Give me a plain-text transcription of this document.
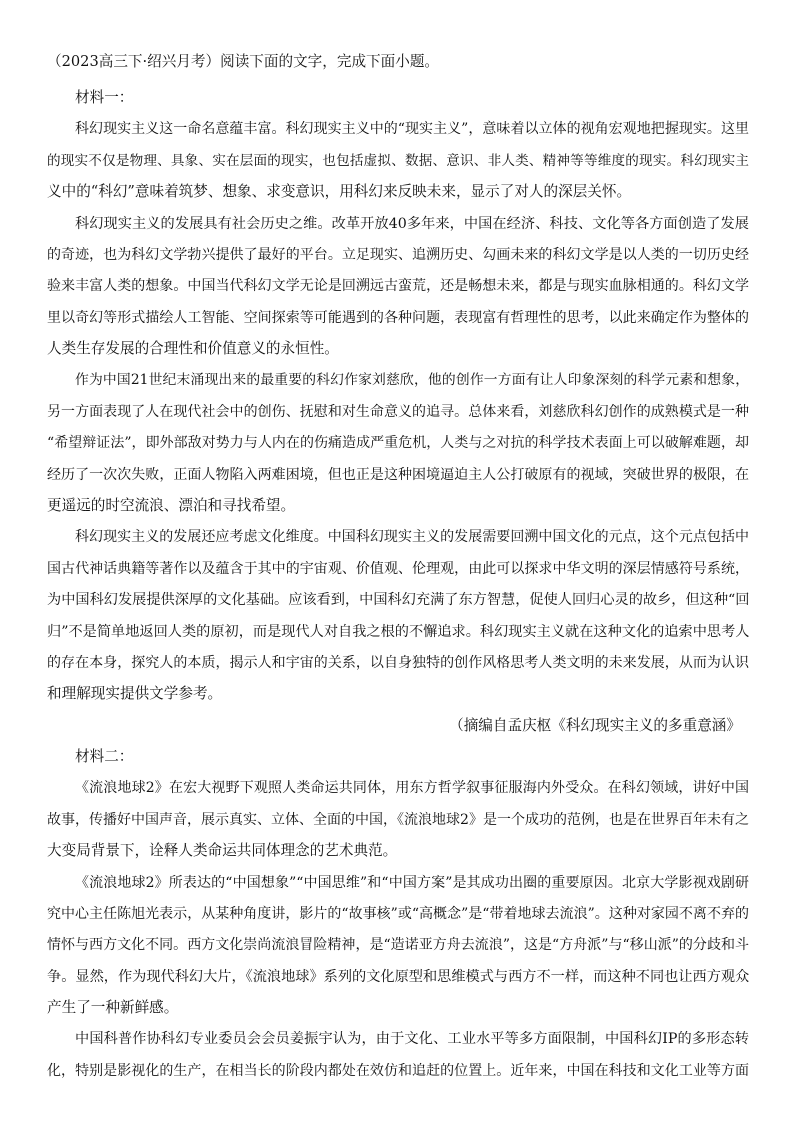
（2023高三下·绍兴月考）阅读下面的文字，完成下面小题。

材料一：

科幻现实主义这一命名意蕴丰富。科幻现实主义中的“现实主义”，意味着以立体的视角宏观地把握现实。这里

的现实不仅是物理、具象、实在层面的现实，也包括虚拟、数据、意识、非人类、精神等等维度的现实。科幻现实主

义中的“科幻”意味着筑梦、想象、求变意识，用科幻来反映未来，显示了对人的深层关怀。

科幻现实主义的发展具有社会历史之维。改革开放40多年来，中国在经济、科技、文化等各方面创造了发展

的奇迹，也为科幻文学勃兴提供了最好的平台。立足现实、追溯历史、勾画未来的科幻文学是以人类的一切历史经

验来丰富人类的想象。中国当代科幻文学无论是回溯远古蛮荒，还是畅想未来，都是与现实血脉相通的。科幻文学

里以奇幻等形式描绘人工智能、空间探索等可能遇到的各种问题，表现富有哲理性的思考，以此来确定作为整体的

人类生存发展的合理性和价值意义的永恒性。

作为中国21世纪末涌现出来的最重要的科幻作家刘慈欣，他的创作一方面有让人印象深刻的科学元素和想象，

另一方面表现了人在现代社会中的创伤、抚慰和对生命意义的追寻。总体来看，刘慈欣科幻创作的成熟模式是一种

“希望辩证法”，即外部敌对势力与人内在的伤痛造成严重危机，人类与之对抗的科学技术表面上可以破解难题，却

经历了一次次失败，正面人物陷入两难困境，但也正是这种困境逼迫主人公打破原有的视域，突破世界的极限，在

更遥远的时空流浪、漂泊和寻找希望。

科幻现实主义的发展还应考虑文化维度。中国科幻现实主义的发展需要回溯中国文化的元点，这个元点包括中

国古代神话典籍等著作以及蕴含于其中的宇宙观、价值观、伦理观，由此可以探求中华文明的深层情感符号系统，

为中国科幻发展提供深厚的文化基础。应该看到，中国科幻充满了东方智慧，促使人回归心灵的故乡，但这种“回

归”不是简单地返回人类的原初，而是现代人对自我之根的不懈追求。科幻现实主义就在这种文化的追索中思考人

的存在本身，探究人的本质，揭示人和宇宙的关系，以自身独特的创作风格思考人类文明的未来发展，从而为认识

和理解现实提供文学参考。

（摘编自孟庆枢《科幻现实主义的多重意涵》

材料二：

《流浪地球2》在宏大视野下观照人类命运共同体，用东方哲学叙事征服海内外受众。在科幻领域，讲好中国

故事，传播好中国声音，展示真实、立体、全面的中国，《流浪地球2》是一个成功的范例，也是在世界百年未有之

大变局背景下，诠释人类命运共同体理念的艺术典范。

《流浪地球2》所表达的“中国想象”“中国思维”和“中国方案”是其成功出圈的重要原因。北京大学影视戏剧研

究中心主任陈旭光表示，从某种角度讲，影片的“故事核”或“高概念”是“带着地球去流浪”。这种对家园不离不弃的

情怀与西方文化不同。西方文化崇尚流浪冒险精神，是“造诺亚方舟去流浪”，这是“方舟派”与“移山派”的分歧和斗

争。显然，作为现代科幻大片，《流浪地球》系列的文化原型和思维模式与西方不一样，而这种不同也让西方观众

产生了一种新鲜感。

中国科普作协科幻专业委员会会员姜振宇认为，由于文化、工业水平等多方面限制，中国科幻IP的多形态转

化，特别是影视化的生产，在相当长的阶段内都处在效仿和追赶的位置上。近年来，中国在科技和文化工业等方面
